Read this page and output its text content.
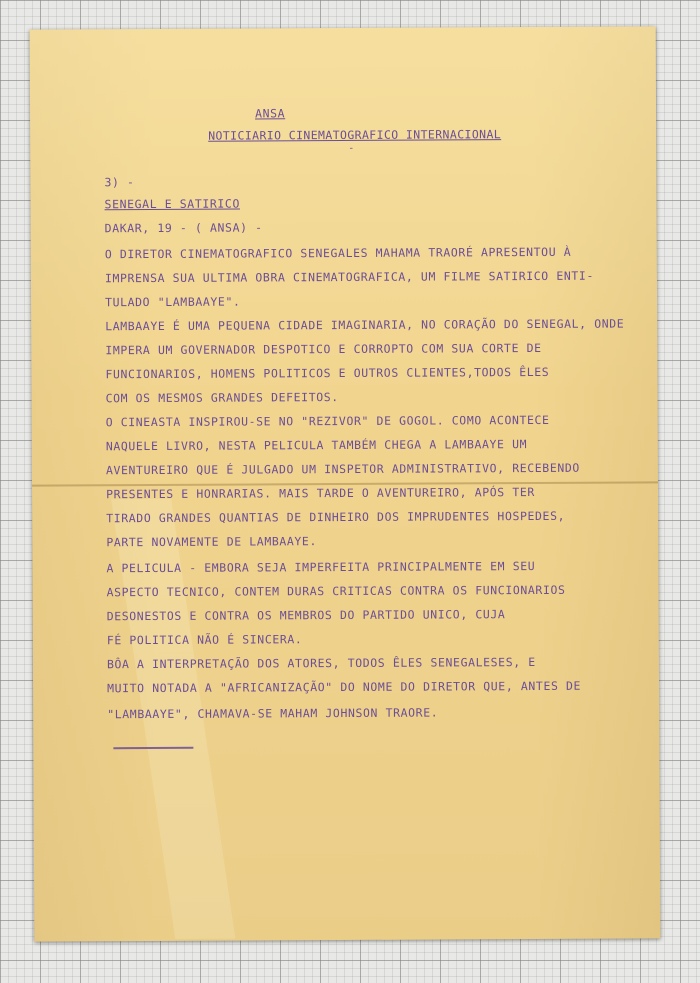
ANSA
NOTICIARIO CINEMATOGRAFICO INTERNACIONAL
-
3) -
SENEGAL E SATIRICO
DAKAR, 19 - ( ANSA) -
O DIRETOR CINEMATOGRAFICO SENEGALES MAHAMA TRAORÉ APRESENTOU À
IMPRENSA SUA ULTIMA OBRA CINEMATOGRAFICA, UM FILME SATIRICO ENTI-
TULADO "LAMBAAYE".
LAMBAAYE É UMA PEQUENA CIDADE IMAGINARIA, NO CORAÇÃO DO SENEGAL, ONDE
IMPERA UM GOVERNADOR DESPOTICO E CORROPTO COM SUA CORTE DE
FUNCIONARIOS, HOMENS POLITICOS E OUTROS CLIENTES,TODOS ÊLES
COM OS MESMOS GRANDES DEFEITOS.
O CINEASTA INSPIROU-SE NO "REZIVOR" DE GOGOL. COMO ACONTECE
NAQUELE LIVRO, NESTA PELICULA TAMBÉM CHEGA A LAMBAAYE UM
AVENTUREIRO QUE É JULGADO UM INSPETOR ADMINISTRATIVO, RECEBENDO
PRESENTES E HONRARIAS. MAIS TARDE O AVENTUREIRO, APÓS TER
TIRADO GRANDES QUANTIAS DE DINHEIRO DOS IMPRUDENTES HOSPEDES,
PARTE NOVAMENTE DE LAMBAAYE.
A PELICULA - EMBORA SEJA IMPERFEITA PRINCIPALMENTE EM SEU
ASPECTO TECNICO, CONTEM DURAS CRITICAS CONTRA OS FUNCIONARIOS
DESONESTOS E CONTRA OS MEMBROS DO PARTIDO UNICO, CUJA
FÉ POLITICA NÃO É SINCERA.
BÔA A INTERPRETAÇÃO DOS ATORES, TODOS ÊLES SENEGALESES, E
MUITO NOTADA A "AFRICANIZAÇÃO" DO NOME DO DIRETOR QUE, ANTES DE
"LAMBAAYE", CHAMAVA-SE MAHAM JOHNSON TRAORE.
